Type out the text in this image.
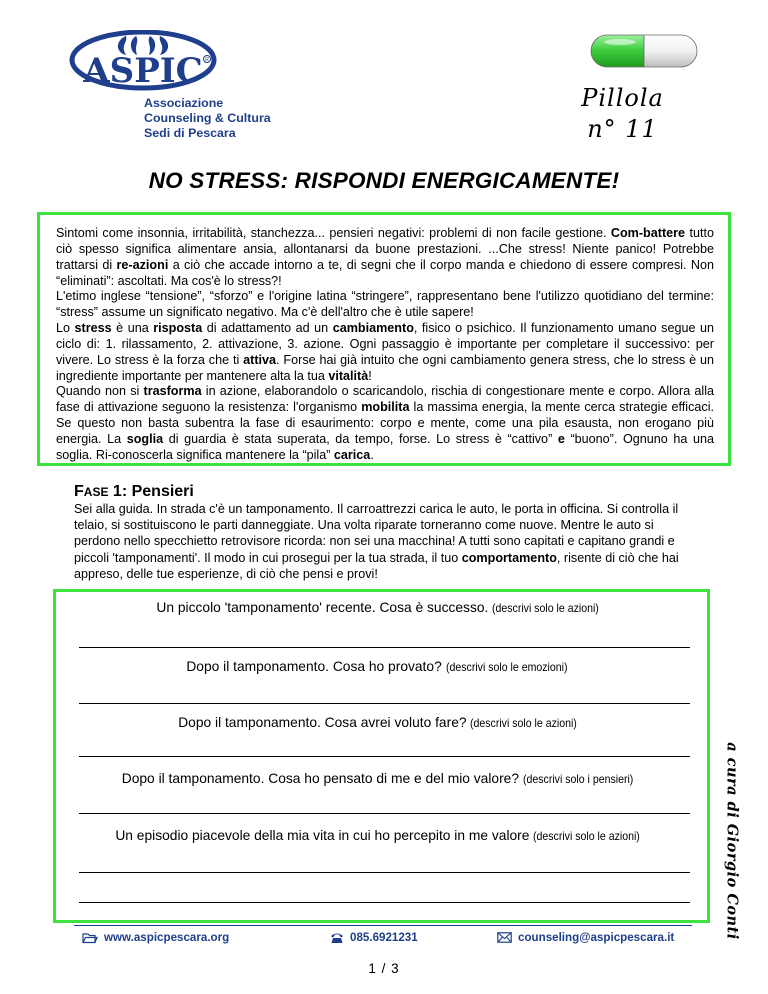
ASPIC R
Associazione
Counseling & Cultura
Sedi di Pescara
Pillola
n° 11
NO STRESS: RISPONDI ENERGICAMENTE!
Sintomi come insonnia, irritabilità, stanchezza... pensieri negativi: problemi di non facile gestione. Com-battere tutto ciò spesso significa alimentare ansia, allontanarsi da buone prestazioni. ...Che stress! Niente panico! Potrebbe trattarsi di re-azioni a ciò che accade intorno a te, di segni che il corpo manda e chiedono di essere compresi. Non “eliminati”: ascoltati. Ma cos'è lo stress?!
L'etimo inglese “tensione”, “sforzo” e l'origine latina “stringere”, rappresentano bene l'utilizzo quotidiano del termine: “stress” assume un significato negativo. Ma c'è dell'altro che è utile sapere!
Lo stress è una risposta di adattamento ad un cambiamento, fisico o psichico. Il funzionamento umano segue un ciclo di: 1. rilassamento, 2. attivazione, 3. azione. Ogni passaggio è importante per completare il successivo: per vivere. Lo stress è la forza che ti attiva. Forse hai già intuito che ogni cambiamento genera stress, che lo stress è un ingrediente importante per mantenere alta la tua vitalità!
Quando non si trasforma in azione, elaborandolo o scaricandolo, rischia di congestionare mente e corpo. Allora alla fase di attivazione seguono la resistenza: l'organismo mobilita la massima energia, la mente cerca strategie efficaci. Se questo non basta subentra la fase di esaurimento: corpo e mente, come una pila esausta, non erogano più energia. La soglia di guardia è stata superata, da tempo, forse. Lo stress è “cattivo” e “buono”. Ognuno ha una soglia. Ri-conoscerla significa mantenere la “pila” carica.
FASE 1: Pensieri
Sei alla guida. In strada c'è un tamponamento. Il carroattrezzi carica le auto, le porta in officina. Si controlla il telaio, si sostituiscono le parti danneggiate. Una volta riparate torneranno come nuove. Mentre le auto si perdono nello specchietto retrovisore ricorda: non sei una macchina! A tutti sono capitati e capitano grandi e piccoli 'tamponamenti'. Il modo in cui prosegui per la tua strada, il tuo comportamento, risente di ciò che hai appreso, delle tue esperienze, di ciò che pensi e provi!
Un piccolo 'tamponamento' recente. Cosa è successo. (descrivi solo le azioni)
Dopo il tamponamento. Cosa ho provato? (descrivi solo le emozioni)
Dopo il tamponamento. Cosa avrei voluto fare? (descrivi solo le azioni)
Dopo il tamponamento. Cosa ho pensato di me e del mio valore? (descrivi solo i pensieri)
Un episodio piacevole della mia vita in cui ho percepito in me valore (descrivi solo le azioni)	a cura di Giorgio Conti
www.aspicpescara.org	085.6921231	counseling@aspicpescara.it
1 / 3
